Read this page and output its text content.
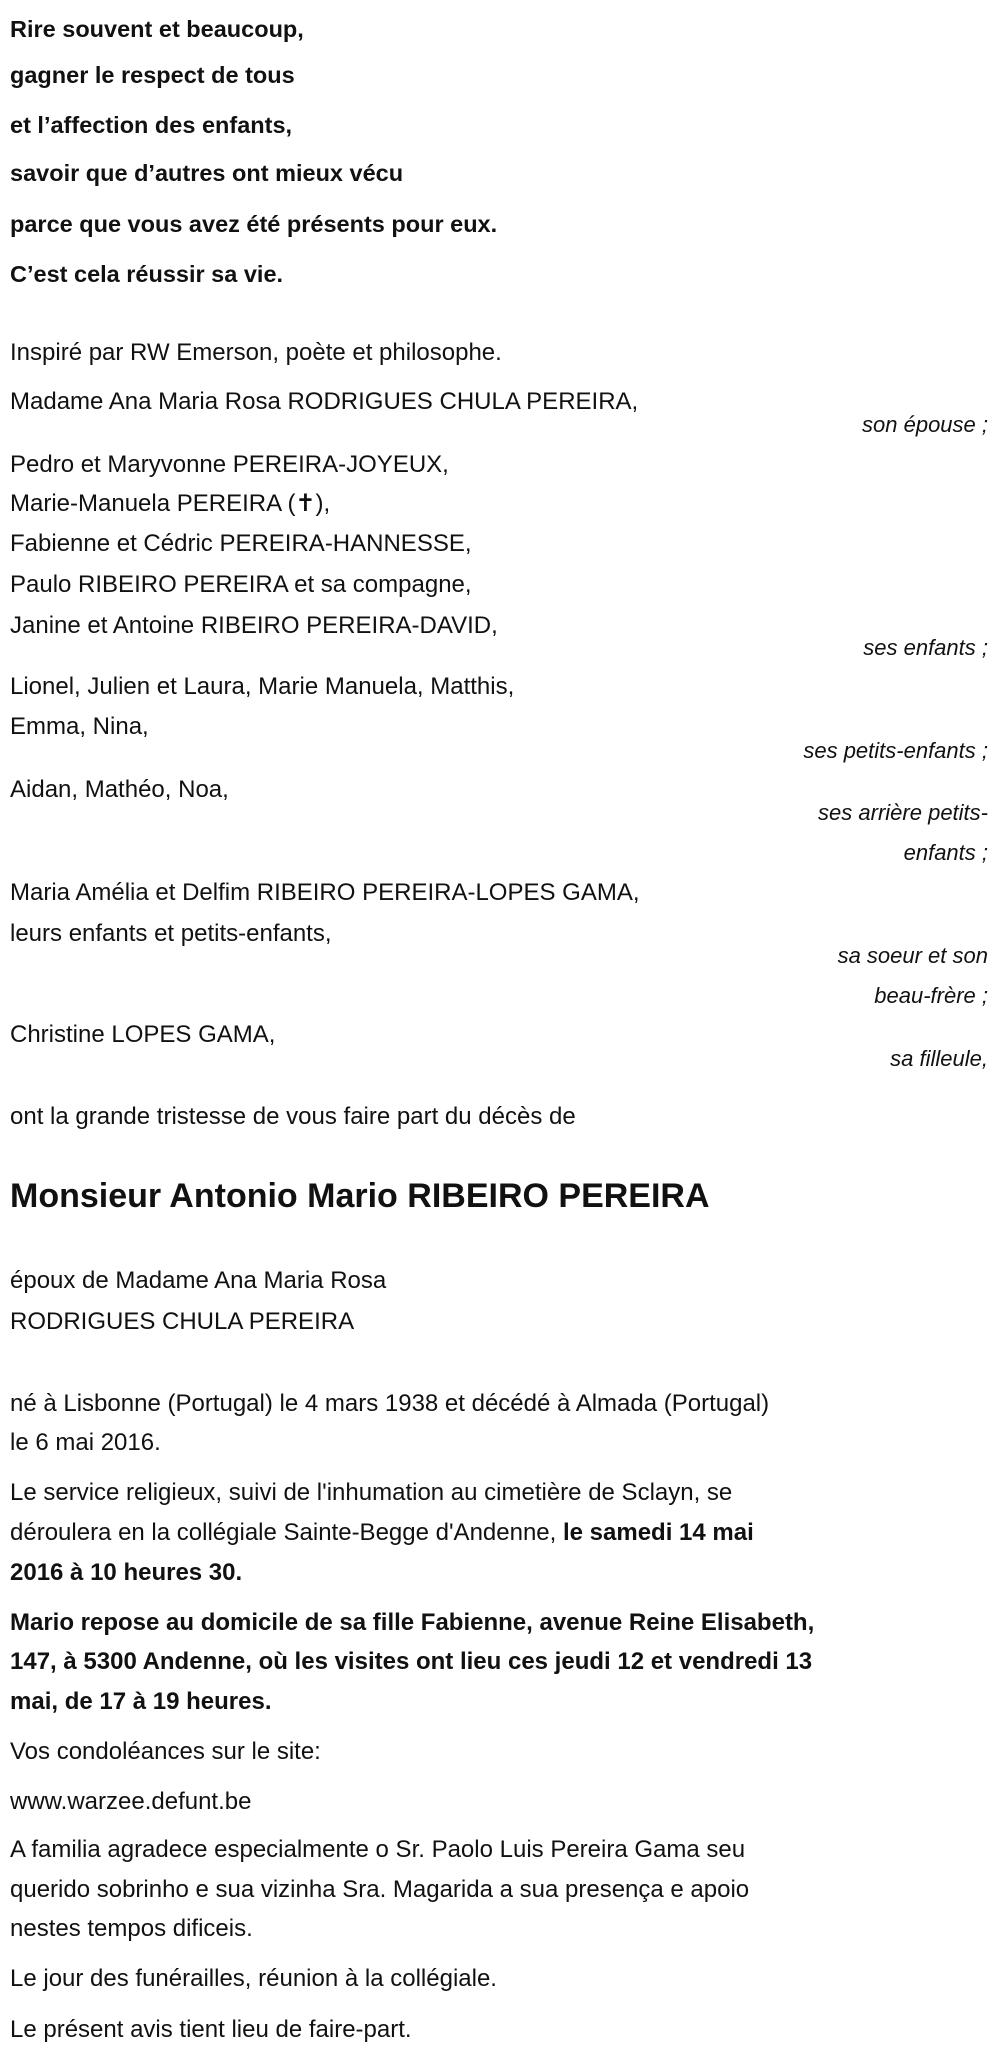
Rire souvent et beaucoup,
gagner le respect de tous
et l’affection des enfants,
savoir que d’autres ont mieux vécu
parce que vous avez été présents pour eux.
C’est cela réussir sa vie.
Inspiré par RW Emerson, poète et philosophe.
Madame Ana Maria Rosa RODRIGUES CHULA PEREIRA,
son épouse ;
Pedro et Maryvonne PEREIRA-JOYEUX,
Marie-Manuela PEREIRA (✝),
Fabienne et Cédric PEREIRA-HANNESSE,
Paulo RIBEIRO PEREIRA et sa compagne,
Janine et Antoine RIBEIRO PEREIRA-DAVID,
ses enfants ;
Lionel, Julien et Laura, Marie Manuela, Matthis,
Emma, Nina,
ses petits-enfants ;
Aidan, Mathéo, Noa,
ses arrière petits-
enfants ;
Maria Amélia et Delfim RIBEIRO PEREIRA-LOPES GAMA,
leurs enfants et petits-enfants,
sa soeur et son
beau-frère ;
Christine LOPES GAMA,
sa filleule,
ont la grande tristesse de vous faire part du décès de
Monsieur Antonio Mario RIBEIRO PEREIRA
époux de Madame Ana Maria Rosa
RODRIGUES CHULA PEREIRA
né à Lisbonne (Portugal) le 4 mars 1938 et décédé à Almada (Portugal)
le 6 mai 2016.
Le service religieux, suivi de l'inhumation au cimetière de Sclayn, se
déroulera en la collégiale Sainte-Begge d'Andenne, le samedi 14 mai
2016 à 10 heures 30.
Mario repose au domicile de sa fille Fabienne, avenue Reine Elisabeth,
147, à 5300 Andenne, où les visites ont lieu ces jeudi 12 et vendredi 13
mai, de 17 à 19 heures.
Vos condoléances sur le site:
www.warzee.defunt.be
A familia agradece especialmente o Sr. Paolo Luis Pereira Gama seu
querido sobrinho e sua vizinha Sra. Magarida a sua presença e apoio
nestes tempos dificeis.
Le jour des funérailles, réunion à la collégiale.
Le présent avis tient lieu de faire-part.
